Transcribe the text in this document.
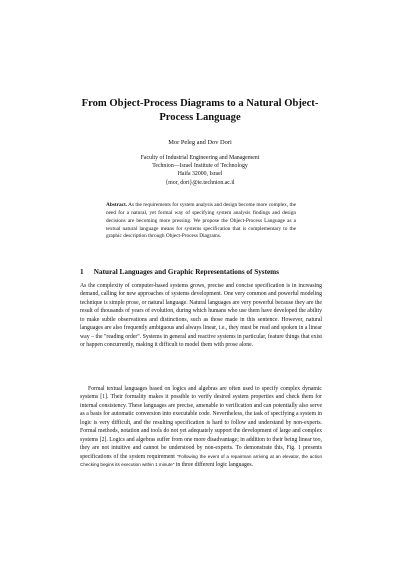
From Object-Process Diagrams to a Natural Object-
Process Language
Mor Peleg and Dov Dori
Faculty of Industrial Engineering and Management
Technion—Israel Institute of Technology
Haifa 32000, Israel
{mor, dori}@ie.technion.ac.il
Abstract. As the requirements for system analysis and design become more complex, the need for a natural, yet formal way of specifying system analysis findings and design decisions are becoming more pressing. We propose the Object-Process Language as a textual natural language means for systems specification that is complementary to the graphic description through Object-Process Diagrams.
1 Natural Languages and Graphic Representations of Systems
As the complexity of computer-based systems grows, precise and concise specification is in increasing demand, calling for new approaches of systems development. One very common and powerful modeling technique is simple prose, or natural language. Natural languages are very powerful because they are the result of thousands of years of evolution, during which humans who use them have developed the ability to make subtle observations and distinctions, such as those made in this sentence. However, natural languages are also frequently ambiguous and always linear, i.e., they must be read and spoken in a linear way – the "reading order". Systems in general and reactive systems in particular, feature things that exist or happen concurrently, making it difficult to model them with prose alone.
Formal textual languages based on logics and algebras are often used to specify complex dynamic systems [1]. Their formality makes it possible to verify desired system properties and check them for internal consistency. These languages are precise, amenable to verification and can potentially also serve as a basis for automatic conversion into executable code. Nevertheless, the task of specifying a system in logic is very difficult, and the resulting specification is hard to follow and understand by non-experts. Formal methods, notation and tools do not yet adequately support the development of large and complex systems [2]. Logics and algebras suffer from one more disadvantage; in addition to their being linear too, they are not intuitive and cannot be understood by non-experts. To demonstrate this, Fig. 1 presents specifications of the system requirement "Following the event of a repairman arriving at an elevator, the action Checking begins its execution within 1 minute" in three different logic languages.
